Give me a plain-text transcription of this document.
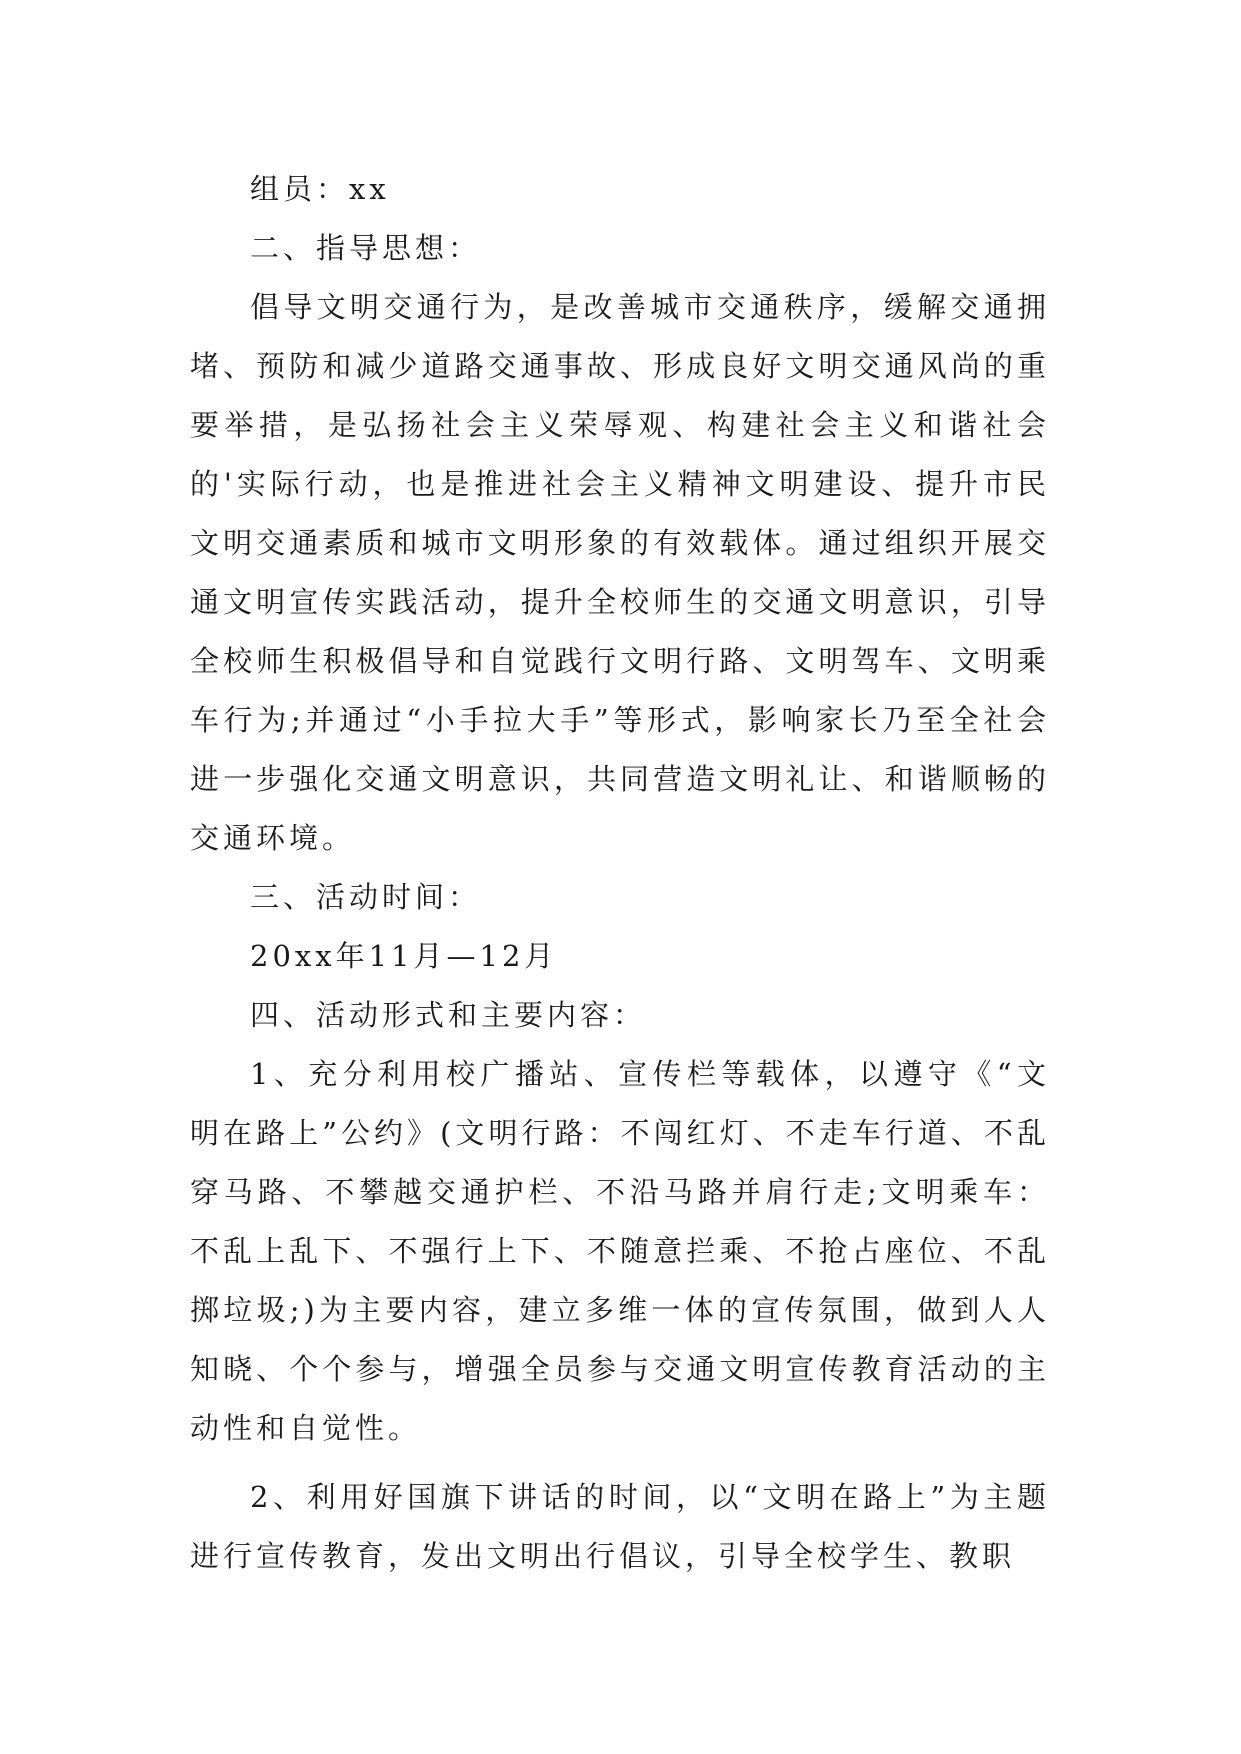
组员：xx

二、指导思想：

倡导文明交通行为，是改善城市交通秩序，缓解交通拥堵、预防和减少道路交通事故、形成良好文明交通风尚的重要举措，是弘扬社会主义荣辱观、构建社会主义和谐社会的'实际行动，也是推进社会主义精神文明建设、提升市民文明交通素质和城市文明形象的有效载体。通过组织开展交通文明宣传实践活动，提升全校师生的交通文明意识，引导全校师生积极倡导和自觉践行文明行路、文明驾车、文明乘车行为;并通过“小手拉大手”等形式，影响家长乃至全社会进一步强化交通文明意识，共同营造文明礼让、和谐顺畅的交通环境。

三、活动时间：

20xx年11月—12月

四、活动形式和主要内容：

1、充分利用校广播站、宣传栏等载体，以遵守《“文明在路上”公约》(文明行路：不闯红灯、不走车行道、不乱穿马路、不攀越交通护栏、不沿马路并肩行走;文明乘车：不乱上乱下、不强行上下、不随意拦乘、不抢占座位、不乱掷垃圾;)为主要内容，建立多维一体的宣传氛围，做到人人知晓、个个参与，增强全员参与交通文明宣传教育活动的主动性和自觉性。

2、利用好国旗下讲话的时间，以“文明在路上”为主题进行宣传教育，发出文明出行倡议，引导全校学生、教职
